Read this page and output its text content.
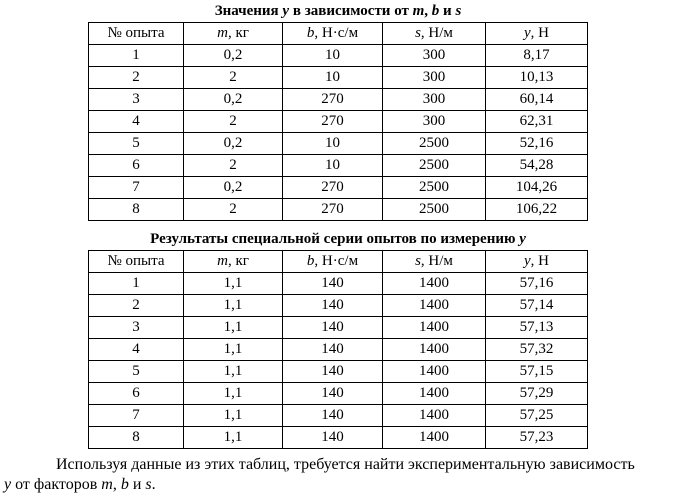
Значения y в зависимости от m, b и s
№ опыта	m, кг	b, Н·с/м	s, Н/м	y, Н
1	0,2	10	300	8,17
2	2	10	300	10,13
3	0,2	270	300	60,14
4	2	270	300	62,31
5	0,2	10	2500	52,16
6	2	10	2500	54,28
7	0,2	270	2500	104,26
8	2	270	2500	106,22
Результаты специальной серии опытов по измерению y
№ опыта	m, кг	b, Н·с/м	s, Н/м	y, Н
1	1,1	140	1400	57,16
2	1,1	140	1400	57,14
3	1,1	140	1400	57,13
4	1,1	140	1400	57,32
5	1,1	140	1400	57,15
6	1,1	140	1400	57,29
7	1,1	140	1400	57,25
8	1,1	140	1400	57,23

Используя данные из этих таблиц, требуется найти экспериментальную зависимость
y от факторов m, b и s.
